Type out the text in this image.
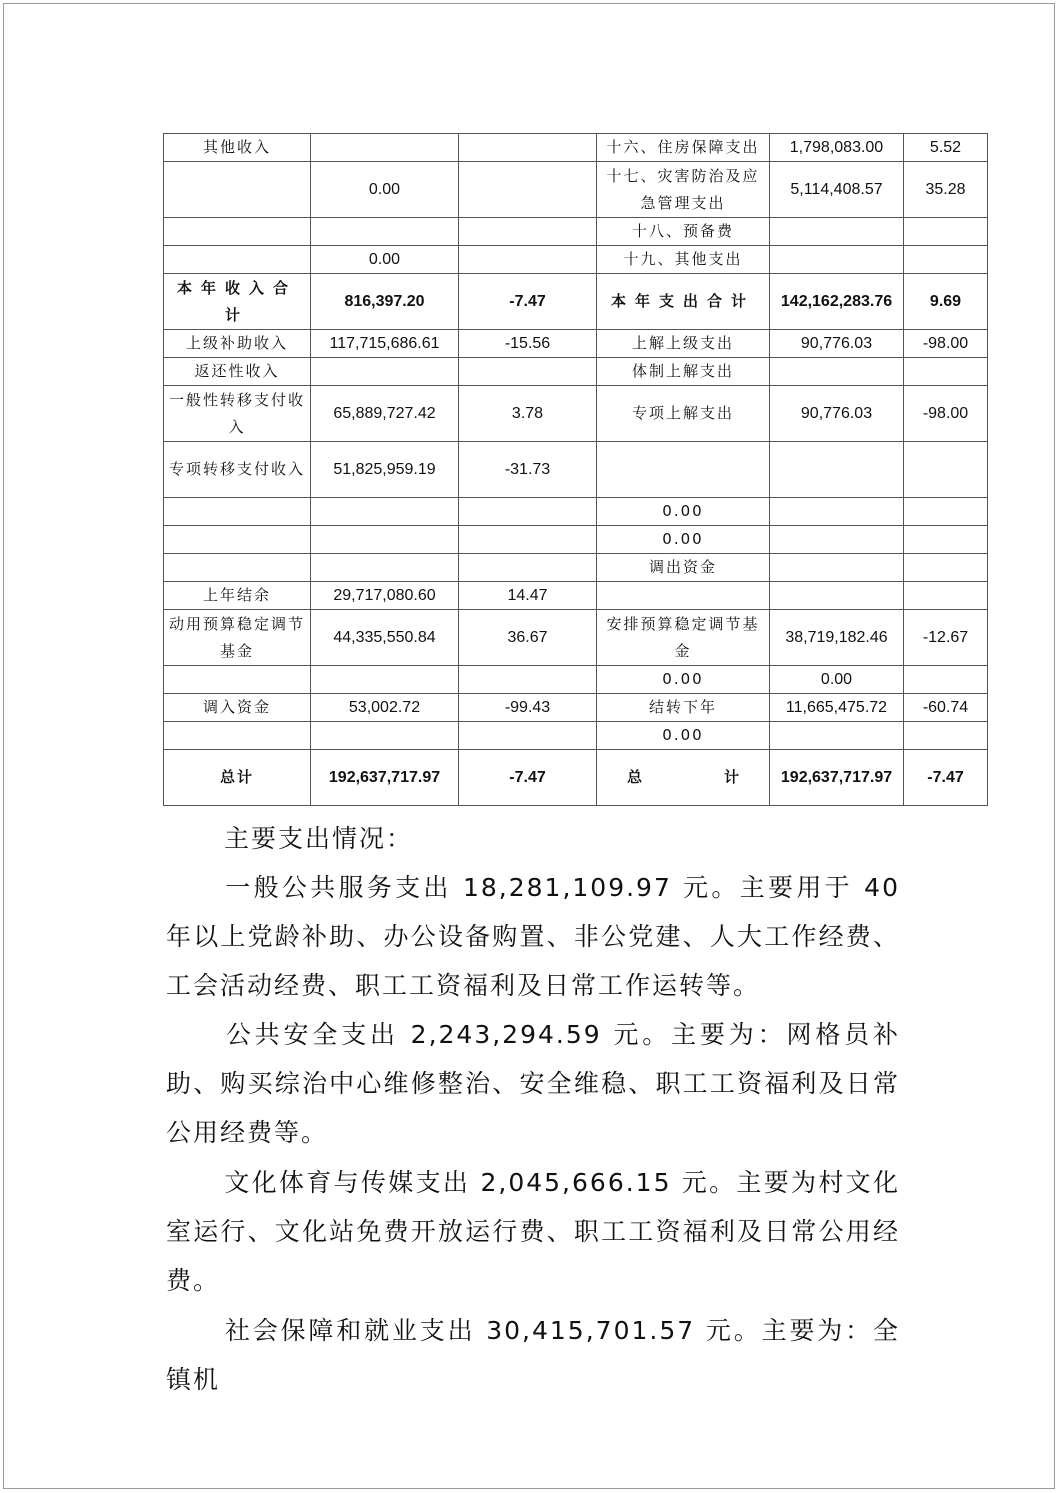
其他收入			十六、住房保障支出	1,798,083.00	5.52
	0.00		十七、灾害防治及应急管理支出	5,114,408.57	35.28
			十八、预备费		
	0.00		十九、其他支出		
本年收入合计	816,397.20	-7.47	本年支出合计	142,162,283.76	9.69
上级补助收入	117,715,686.61	-15.56	上解上级支出	90,776.03	-98.00
返还性收入			体制上解支出		
一般性转移支付收入	65,889,727.42	3.78	专项上解支出	90,776.03	-98.00
专项转移支付收入	51,825,959.19	-31.73			
			0.00		
			0.00		
			调出资金		
上年结余	29,717,080.60	14.47			
动用预算稳定调节基金	44,335,550.84	36.67	安排预算稳定调节基金	38,719,182.46	-12.67
			0.00	0.00	
调入资金	53,002.72	-99.43	结转下年	11,665,475.72	-60.74
			0.00		
总计	192,637,717.97	-7.47	总计	192,637,717.97	-7.47

主要支出情况：

一般公共服务支出 18,281,109.97 元。主要用于 40 年以上党龄补助、办公设备购置、非公党建、人大工作经费、工会活动经费、职工工资福利及日常工作运转等。

公共安全支出 2,243,294.59 元。主要为：网格员补助、购买综治中心维修整治、安全维稳、职工工资福利及日常公用经费等。

文化体育与传媒支出 2,045,666.15 元。主要为村文化室运行、文化站免费开放运行费、职工工资福利及日常公用经费。

社会保障和就业支出 30,415,701.57 元。主要为：全镇机
